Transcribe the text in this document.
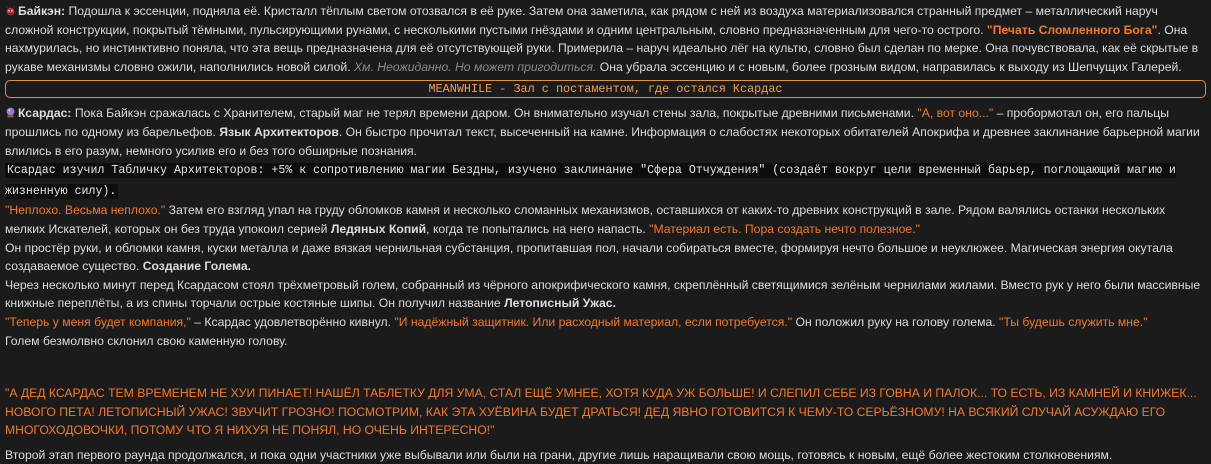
Байкэн: Подошла к эссенции, подняла её. Кристалл тёплым светом отозвался в её руке. Затем она заметила, как рядом с ней из воздуха материализовался странный предмет – металлический наруч сложной конструкции, покрытый тёмными, пульсирующими рунами, с несколькими пустыми гнёздами и одним центральным, словно предназначенным для чего-то острого. "Печать Сломленного Бога". Она нахмурилась, но инстинктивно поняла, что эта вещь предназначена для её отсутствующей руки. Примерила – наруч идеально лёг на культю, словно был сделан по мерке. Она почувствовала, как её скрытые в рукаве механизмы словно ожили, наполнились новой силой. Хм. Неожиданно. Но может пригодиться. Она убрала эссенцию и с новым, более грозным видом, направилась к выходу из Шепчущих Галерей.

MEANWHILE - Зал с постаментом, где остался Ксардас

Ксардас: Пока Байкэн сражалась с Хранителем, старый маг не терял времени даром. Он внимательно изучал стены зала, покрытые древними письменами. "А, вот оно..." – пробормотал он, его пальцы прошлись по одному из барельефов. Язык Архитекторов. Он быстро прочитал текст, высеченный на камне. Информация о слабостях некоторых обитателей Апокрифа и древнее заклинание барьерной магии влились в его разум, немного усилив его и без того обширные познания.

Ксардас изучил Табличку Архитекторов: +5% к сопротивлению магии Бездны, изучено заклинание "Сфера Отчуждения" (создаёт вокруг цели временный барьер, поглощающий магию и жизненную силу).

"Неплохо. Весьма неплохо." Затем его взгляд упал на груду обломков камня и несколько сломанных механизмов, оставшихся от каких-то древних конструкций в зале. Рядом валялись останки нескольких мелких Искателей, которых он без труда упокоил серией Ледяных Копий, когда те попытались на него напасть. "Материал есть. Пора создать нечто полезное."

Он простёр руки, и обломки камня, куски металла и даже вязкая чернильная субстанция, пропитавшая пол, начали собираться вместе, формируя нечто большое и неуклюжее. Магическая энергия окутала создаваемое существо. Создание Голема.

Через несколько минут перед Ксардасом стоял трёхметровый голем, собранный из чёрного апокрифического камня, скреплённый светящимися зелёным чернилами жилами. Вместо рук у него были массивные книжные переплёты, а из спины торчали острые костяные шипы. Он получил название Летописный Ужас.

"Теперь у меня будет компания," – Ксардас удовлетворённо кивнул. "И надёжный защитник. Или расходный материал, если потребуется." Он положил руку на голову голема. "Ты будешь служить мне."

Голем безмолвно склонил свою каменную голову.

"А ДЕД КСАРДАС ТЕМ ВРЕМЕНЕМ НЕ ХУИ ПИНАЕТ! НАШЁЛ ТАБЛЕТКУ ДЛЯ УМА, СТАЛ ЕЩЁ УМНЕЕ, ХОТЯ КУДА УЖ БОЛЬШЕ! И СЛЕПИЛ СЕБЕ ИЗ ГОВНА И ПАЛОК... ТО ЕСТЬ, ИЗ КАМНЕЙ И КНИЖЕК... НОВОГО ПЕТА! ЛЕТОПИСНЫЙ УЖАС! ЗВУЧИТ ГРОЗНО! ПОСМОТРИМ, КАК ЭТА ХУЁВИНА БУДЕТ ДРАТЬСЯ! ДЕД ЯВНО ГОТОВИТСЯ К ЧЕМУ-ТО СЕРЬЁЗНОМУ! НА ВСЯКИЙ СЛУЧАЙ АСУЖДАЮ ЕГО МНОГОХОДОВОЧКИ, ПОТОМУ ЧТО Я НИХУЯ НЕ ПОНЯЛ, НО ОЧЕНЬ ИНТЕРЕСНО!"

Второй этап первого раунда продолжался, и пока одни участники уже выбывали или были на грани, другие лишь наращивали свою мощь, готовясь к новым, ещё более жестоким столкновениям.
